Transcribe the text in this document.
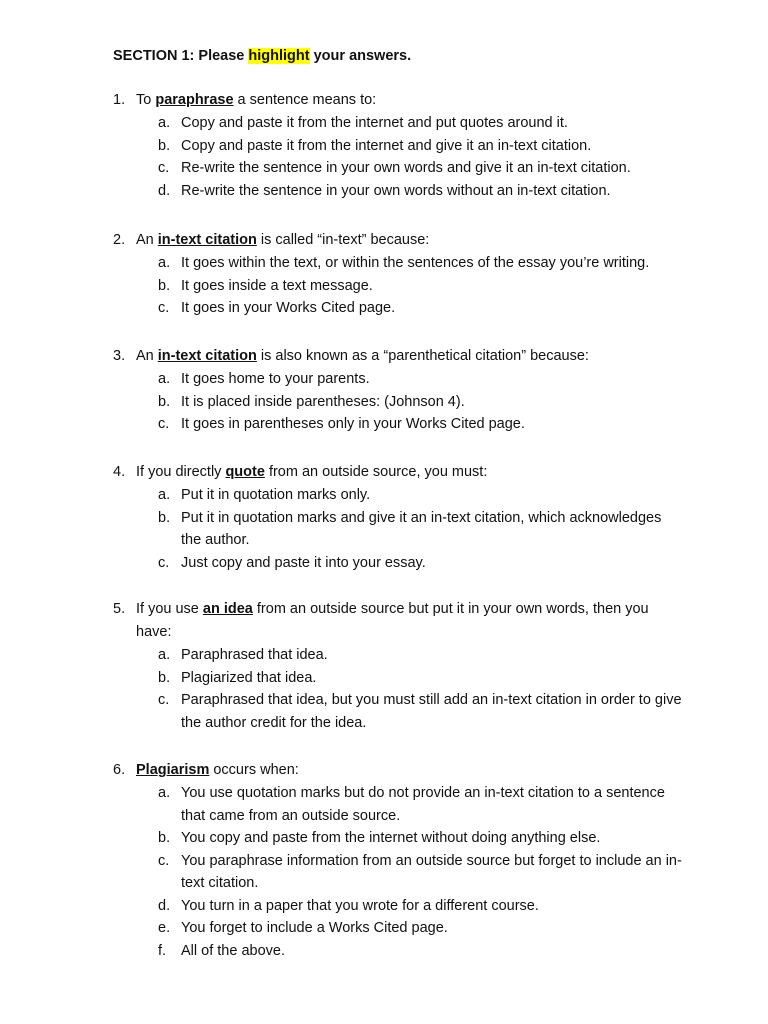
SECTION 1: Please highlight your answers.
1. To paraphrase a sentence means to:
a. Copy and paste it from the internet and put quotes around it.
b. Copy and paste it from the internet and give it an in-text citation.
c. Re-write the sentence in your own words and give it an in-text citation.
d. Re-write the sentence in your own words without an in-text citation.
2. An in-text citation is called “in-text” because:
a. It goes within the text, or within the sentences of the essay you’re writing.
b. It goes inside a text message.
c. It goes in your Works Cited page.
3. An in-text citation is also known as a “parenthetical citation” because:
a. It goes home to your parents.
b. It is placed inside parentheses: (Johnson 4).
c. It goes in parentheses only in your Works Cited page.
4. If you directly quote from an outside source, you must:
a. Put it in quotation marks only.
b. Put it in quotation marks and give it an in-text citation, which acknowledges the author.
c. Just copy and paste it into your essay.
5. If you use an idea from an outside source but put it in your own words, then you have:
a. Paraphrased that idea.
b. Plagiarized that idea.
c. Paraphrased that idea, but you must still add an in-text citation in order to give the author credit for the idea.
6. Plagiarism occurs when:
a. You use quotation marks but do not provide an in-text citation to a sentence that came from an outside source.
b. You copy and paste from the internet without doing anything else.
c. You paraphrase information from an outside source but forget to include an in-text citation.
d. You turn in a paper that you wrote for a different course.
e. You forget to include a Works Cited page.
f. All of the above.
